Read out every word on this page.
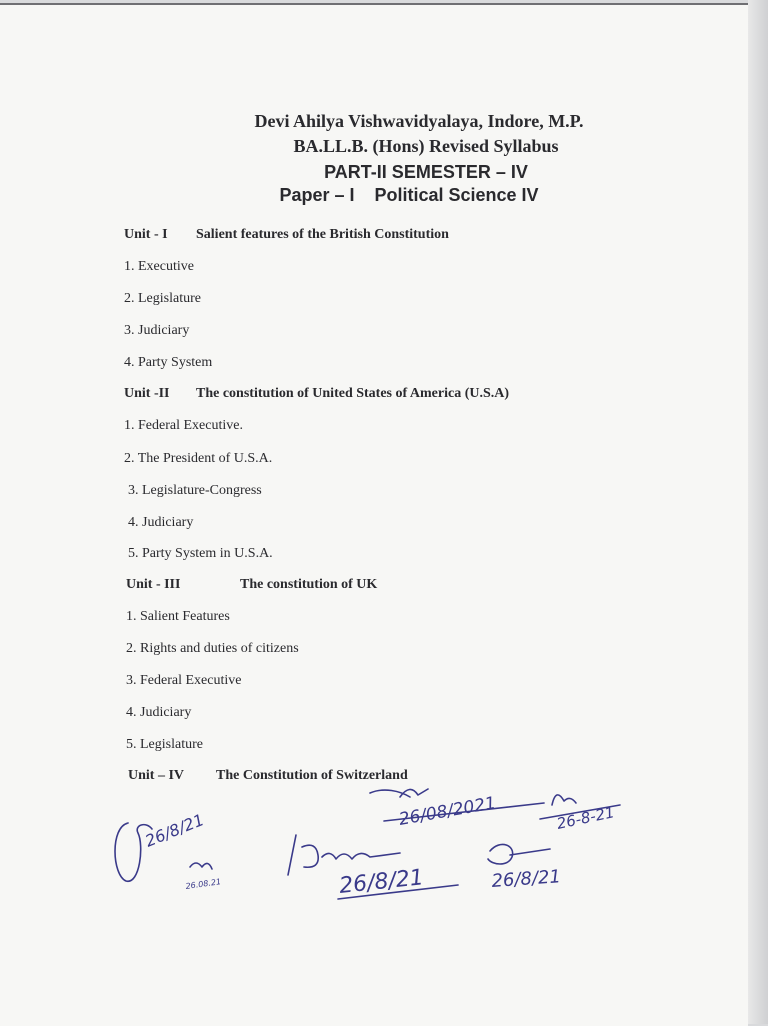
Devi Ahilya Vishwavidyalaya, Indore, M.P.
BA.LL.B. (Hons) Revised Syllabus
PART-II SEMESTER – IV
Paper – I    Political Science IV
Unit - I Salient features of the British Constitution
1. Executive
2. Legislature
3. Judiciary
4. Party System
Unit -II The constitution of United States of America (U.S.A)
1. Federal Executive.
2. The President of U.S.A.
3. Legislature-Congress
4. Judiciary
5. Party System in U.S.A.
Unit - III	The constitution of UK
1. Salient Features
2. Rights and duties of citizens
3. Federal Executive
4. Judiciary
5. Legislature
Unit – IV The Constitution of Switzerland
26/8/21
26.08.21	26/8/21
26/08/2021	26-8-21
26/8/21
